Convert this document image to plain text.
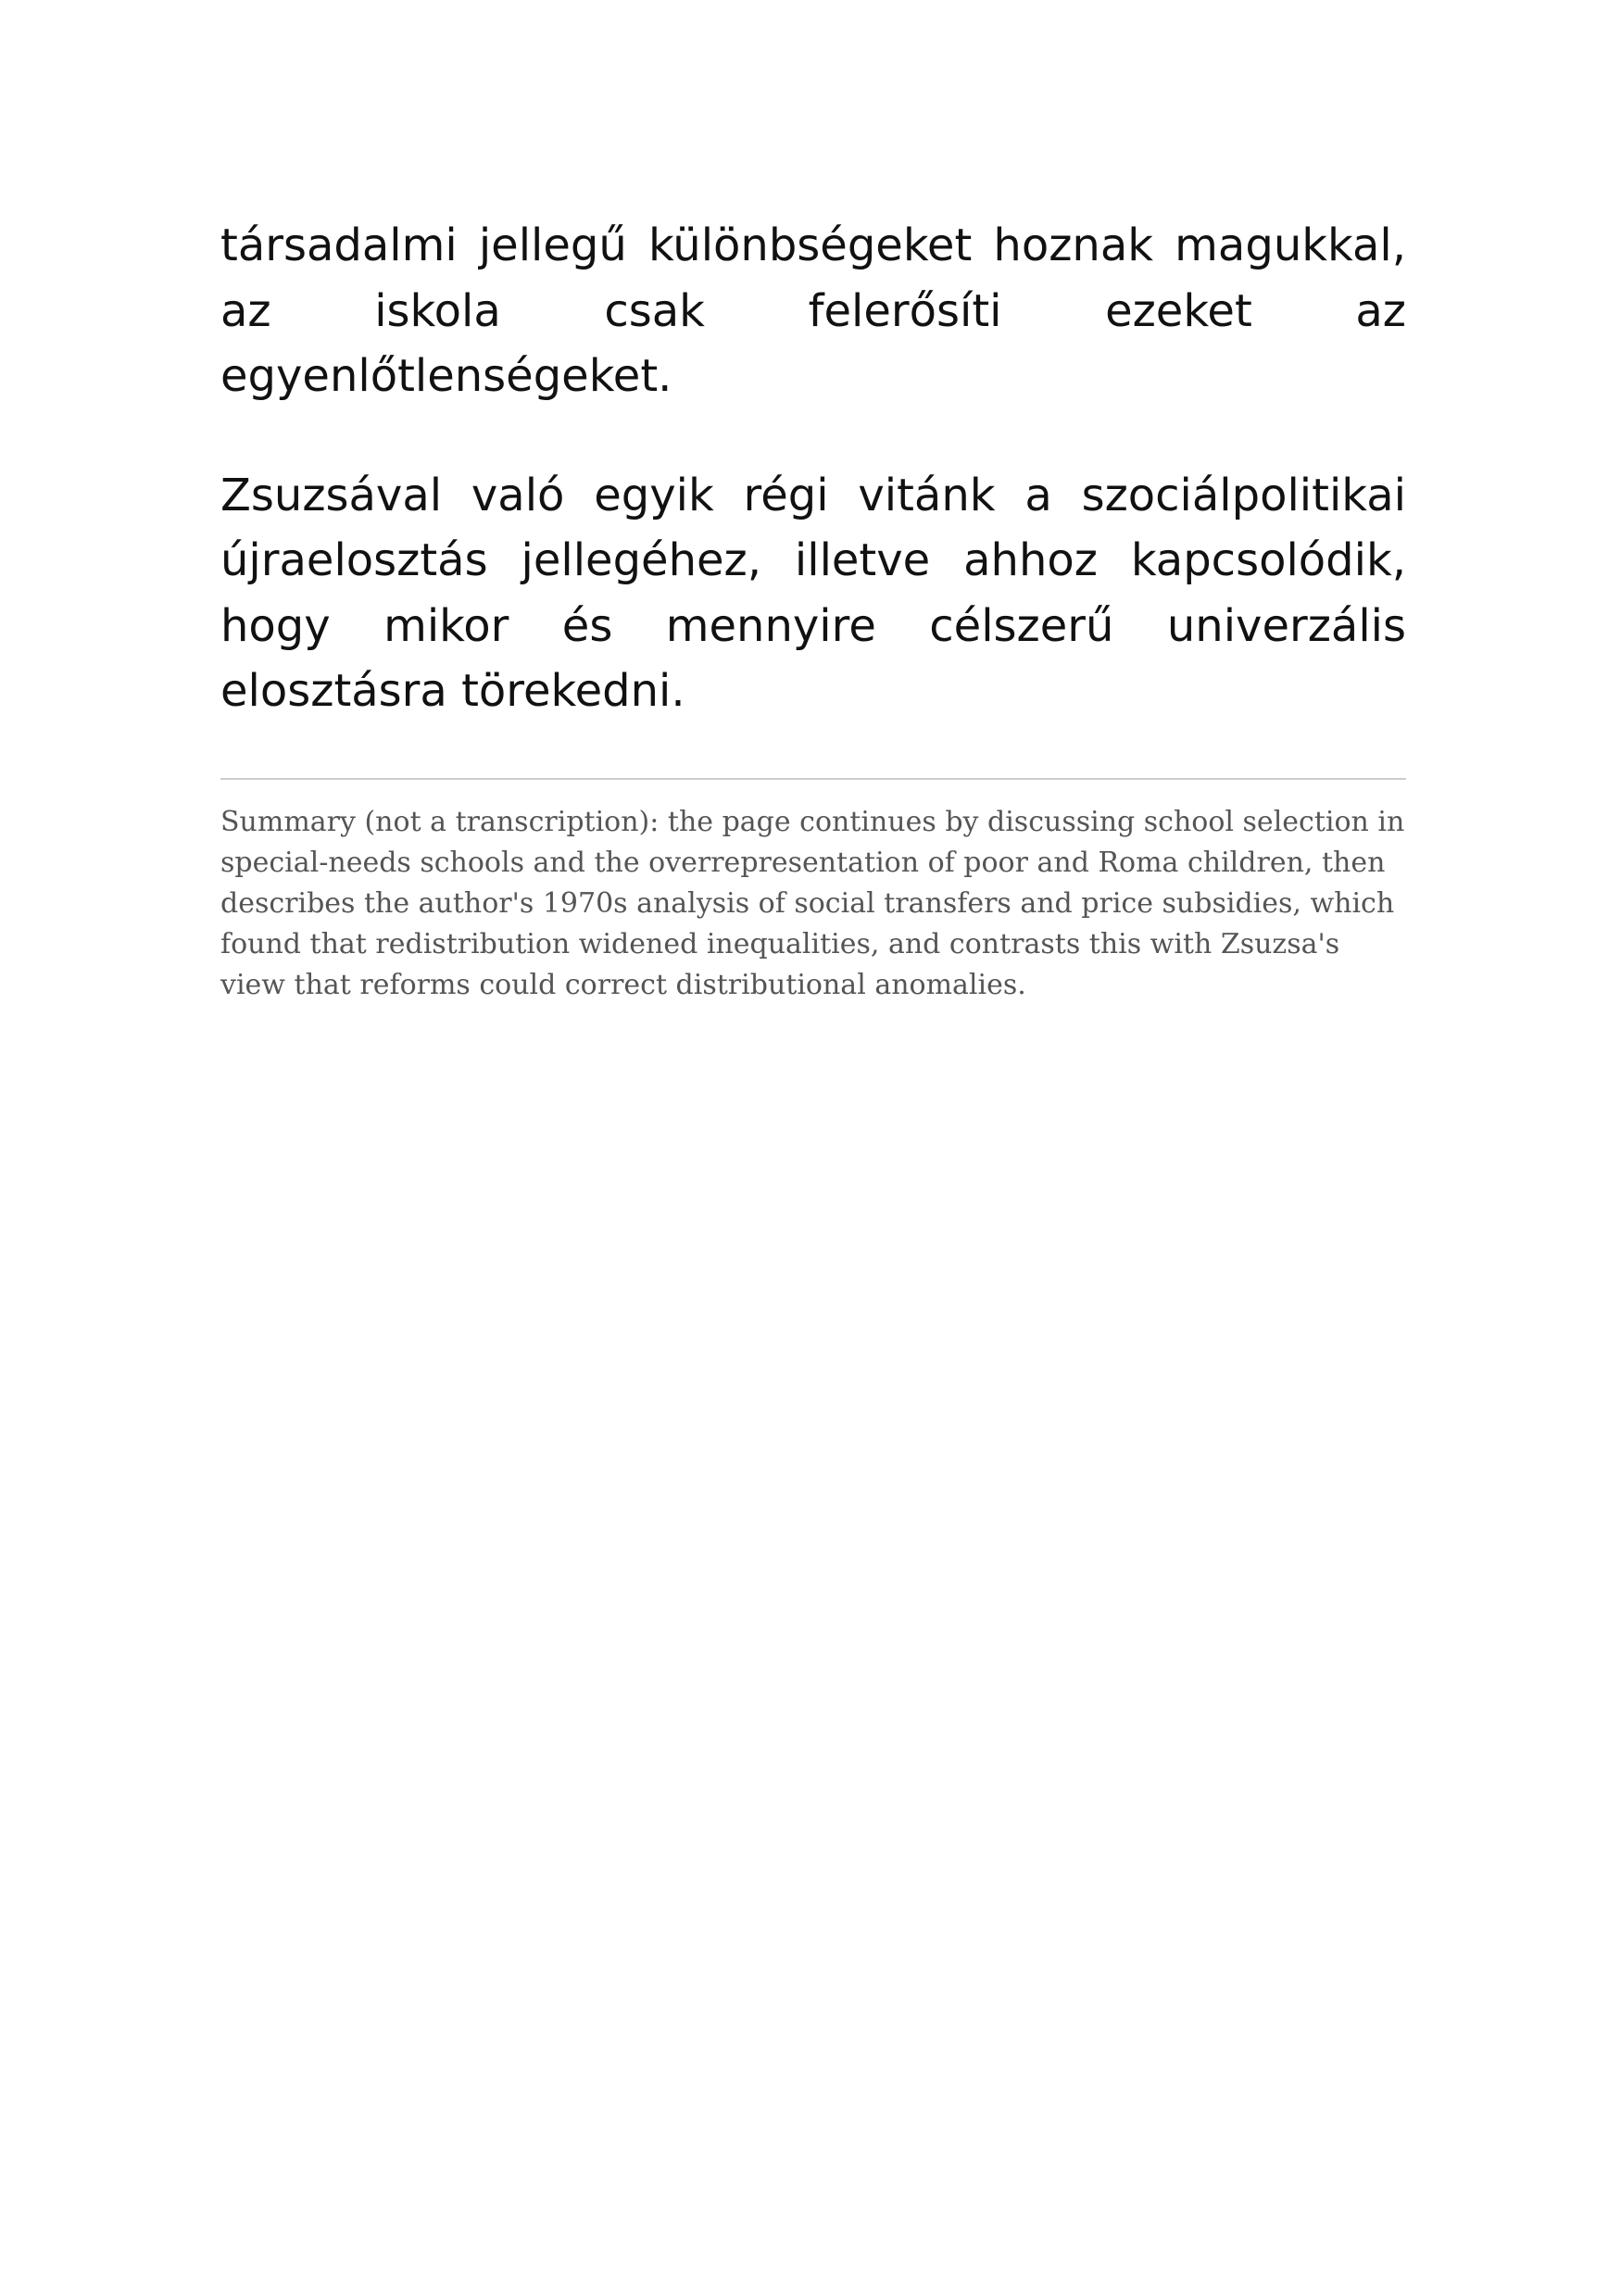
társadalmi jellegű különbségeket hoznak magukkal, az iskola csak felerősíti ezeket az egyenlőtlenségeket.

Zsuzsával való egyik régi vitánk a szociálpolitikai újraelosztás jellegéhez, illetve ahhoz kapcsolódik, hogy mikor és mennyire célszerű univerzális elosztásra törekedni.

Summary (not a transcription): the page continues by discussing school selection in special-needs schools and the overrepresentation of poor and Roma children, then describes the author's 1970s analysis of social transfers and price subsidies, which found that redistribution widened inequalities, and contrasts this with Zsuzsa's view that reforms could correct distributional anomalies.
